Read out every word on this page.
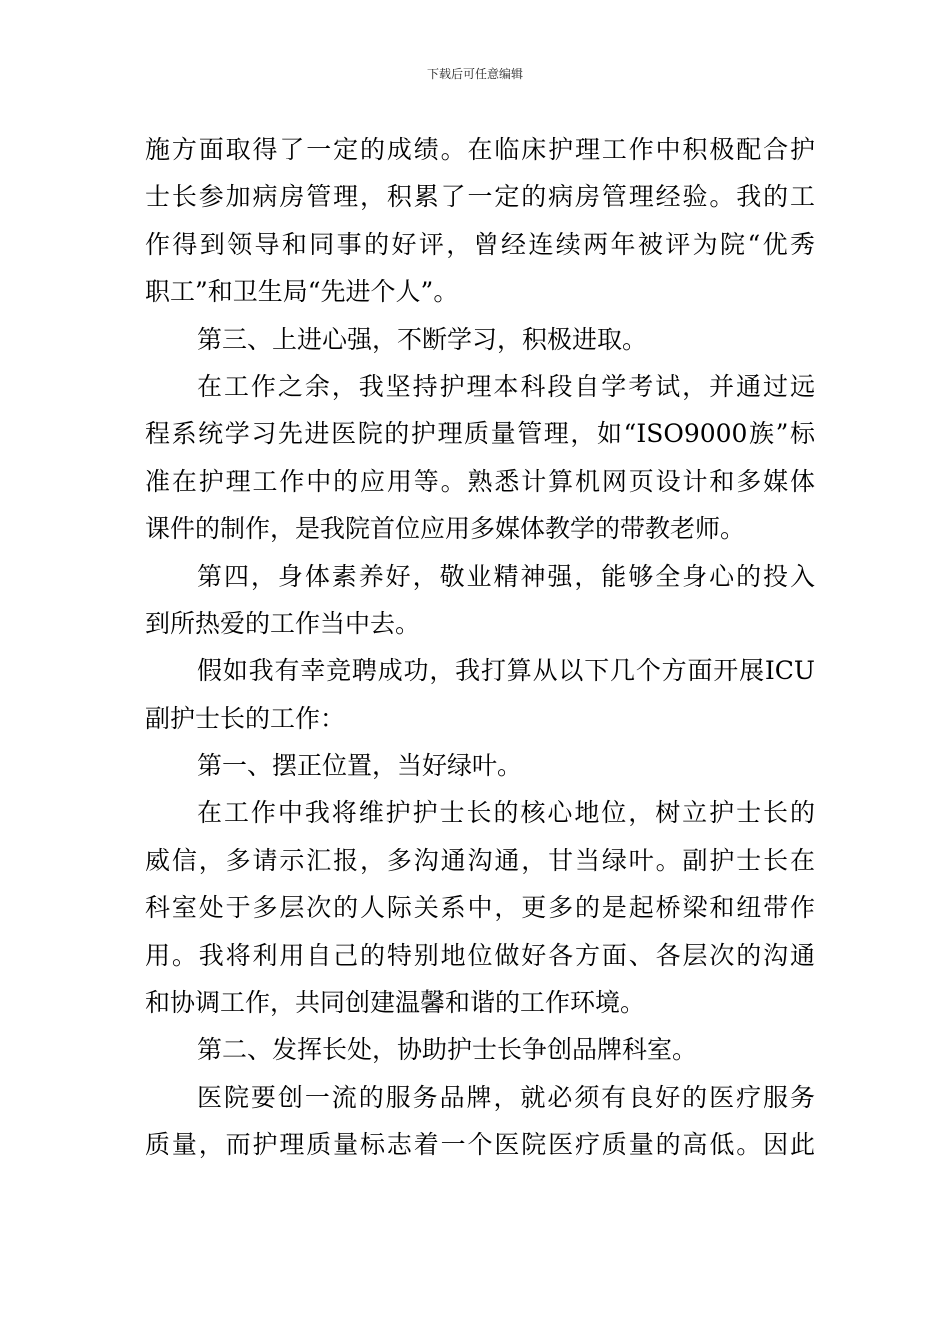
下载后可任意编辑
施方面取得了一定的成绩。在临床护理工作中积极配合护
士长参加病房管理，积累了一定的病房管理经验。我的工
作得到领导和同事的好评，曾经连续两年被评为院“优秀
职工”和卫生局“先进个人”。
第三、上进心强，不断学习，积极进取。
在工作之余，我坚持护理本科段自学考试，并通过远
程系统学习先进医院的护理质量管理，如“ISO9000族”标
准在护理工作中的应用等。熟悉计算机网页设计和多媒体
课件的制作，是我院首位应用多媒体教学的带教老师。
第四，身体素养好，敬业精神强，能够全身心的投入
到所热爱的工作当中去。
假如我有幸竞聘成功，我打算从以下几个方面开展ICU
副护士长的工作：
第一、摆正位置，当好绿叶。
在工作中我将维护护士长的核心地位，树立护士长的
威信，多请示汇报，多沟通沟通，甘当绿叶。副护士长在
科室处于多层次的人际关系中，更多的是起桥梁和纽带作
用。我将利用自己的特别地位做好各方面、各层次的沟通
和协调工作，共同创建温馨和谐的工作环境。
第二、发挥长处，协助护士长争创品牌科室。
医院要创一流的服务品牌，就必须有良好的医疗服务
质量，而护理质量标志着一个医院医疗质量的高低。因此
